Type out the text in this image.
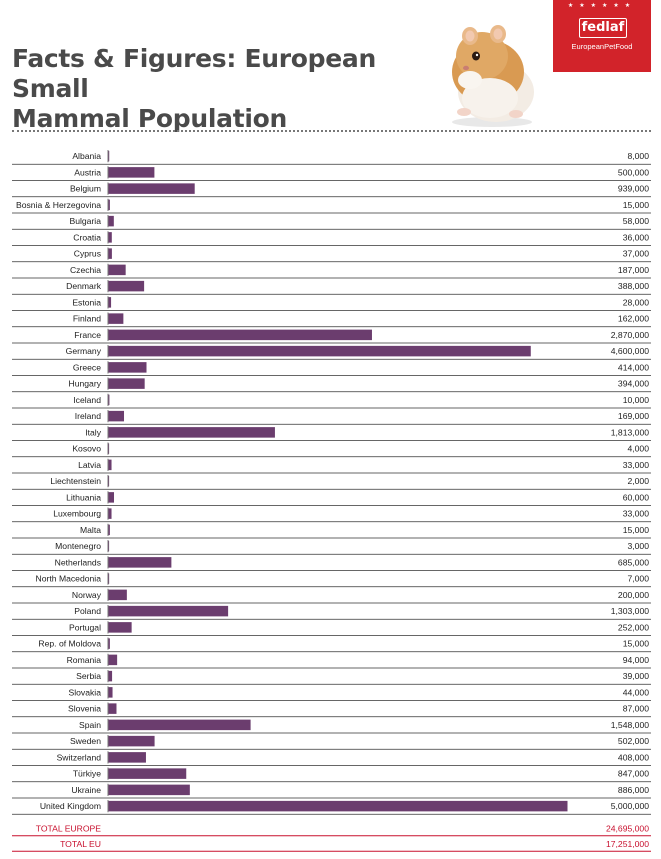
Facts & Figures: European Small
Mammal Population
★★★★★★
fedlaf
EuropeanPetFood
Albania	8,000
Austria	500,000
Belgium	939,000
Bosnia & Herzegovina	15,000
Bulgaria	58,000
Croatia	36,000
Cyprus	37,000
Czechia	187,000
Denmark	388,000
Estonia	28,000
Finland	162,000
France	2,870,000
Germany	4,600,000
Greece	414,000
Hungary	394,000
Iceland	10,000
Ireland	169,000
Italy	1,813,000
Kosovo	4,000
Latvia	33,000
Liechtenstein	2,000
Lithuania	60,000
Luxembourg	33,000
Malta	15,000
Montenegro	3,000
Netherlands	685,000
North Macedonia	7,000
Norway	200,000
Poland	1,303,000
Portugal	252,000
Rep. of Moldova	15,000
Romania	94,000
Serbia	39,000
Slovakia	44,000
Slovenia	87,000
Spain	1,548,000
Sweden	502,000
Switzerland	408,000
Türkiye	847,000
Ukraine	886,000
United Kingdom	5,000,000
TOTAL EUROPE	24,695,000
TOTAL EU	17,251,000
